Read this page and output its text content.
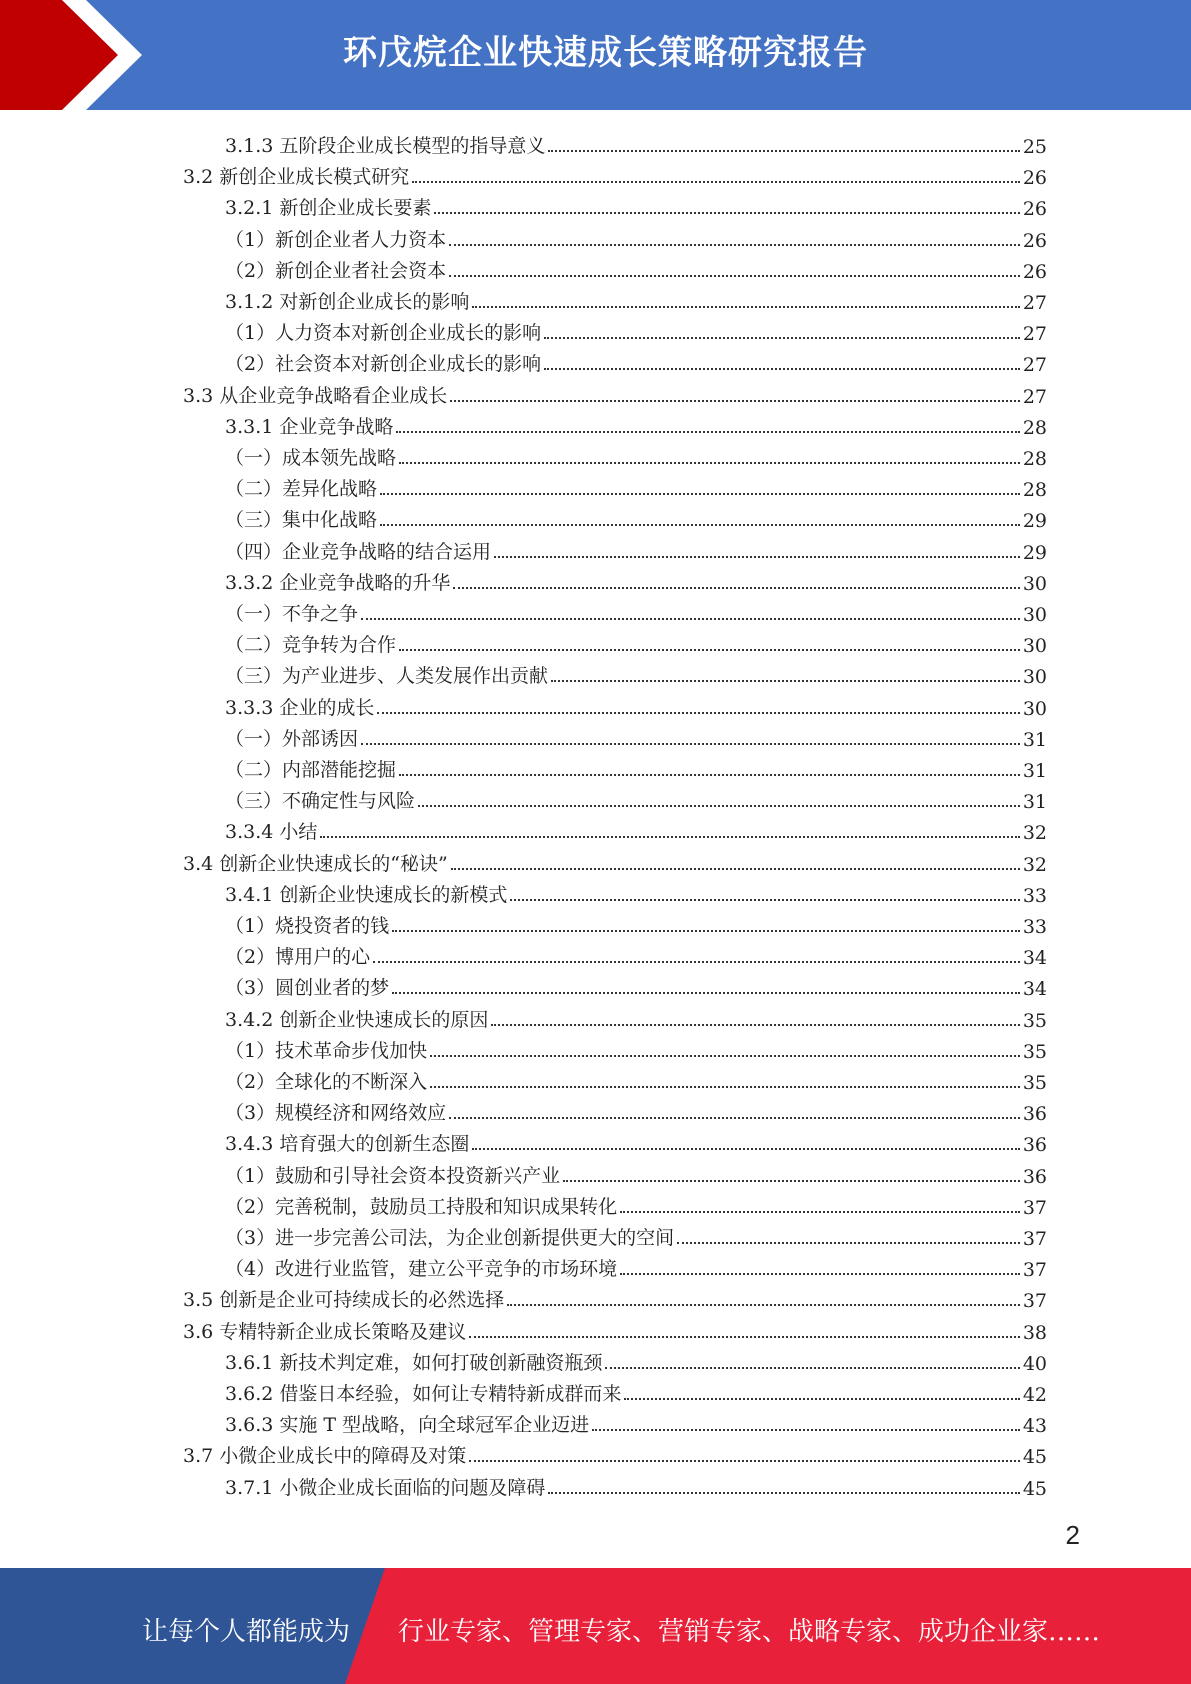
环戊烷企业快速成长策略研究报告
3.1.3 五阶段企业成长模型的指导意义	25
3.2 新创企业成长模式研究	26
3.2.1 新创企业成长要素	26
（1）新创企业者人力资本	26
（2）新创企业者社会资本	26
3.1.2 对新创企业成长的影响	27
（1）人力资本对新创企业成长的影响	27
（2）社会资本对新创企业成长的影响	27
3.3 从企业竞争战略看企业成长	27
3.3.1 企业竞争战略	28
（一）成本领先战略	28
（二）差异化战略	28
（三）集中化战略	29
（四）企业竞争战略的结合运用	29
3.3.2 企业竞争战略的升华	30
（一）不争之争	30
（二）竞争转为合作	30
（三）为产业进步、人类发展作出贡献	30
3.3.3 企业的成长	30
（一）外部诱因	31
（二）内部潜能挖掘	31
（三）不确定性与风险	31
3.3.4 小结	32
3.4 创新企业快速成长的“秘诀”	32
3.4.1 创新企业快速成长的新模式	33
（1）烧投资者的钱	33
（2）博用户的心	34
（3）圆创业者的梦	34
3.4.2 创新企业快速成长的原因	35
（1）技术革命步伐加快	35
（2）全球化的不断深入	35
（3）规模经济和网络效应	36
3.4.3 培育强大的创新生态圈	36
（1）鼓励和引导社会资本投资新兴产业	36
（2）完善税制，鼓励员工持股和知识成果转化	37
（3）进一步完善公司法，为企业创新提供更大的空间	37
（4）改进行业监管，建立公平竞争的市场环境	37
3.5 创新是企业可持续成长的必然选择	37
3.6 专精特新企业成长策略及建议	38
3.6.1 新技术判定难，如何打破创新融资瓶颈	40
3.6.2 借鉴日本经验，如何让专精特新成群而来	42
3.6.3 实施 T 型战略，向全球冠军企业迈进	43
3.7 小微企业成长中的障碍及对策	45
3.7.1 小微企业成长面临的问题及障碍	45
2
让每个人都能成为 行业专家、管理专家、营销专家、战略专家、成功企业家……
